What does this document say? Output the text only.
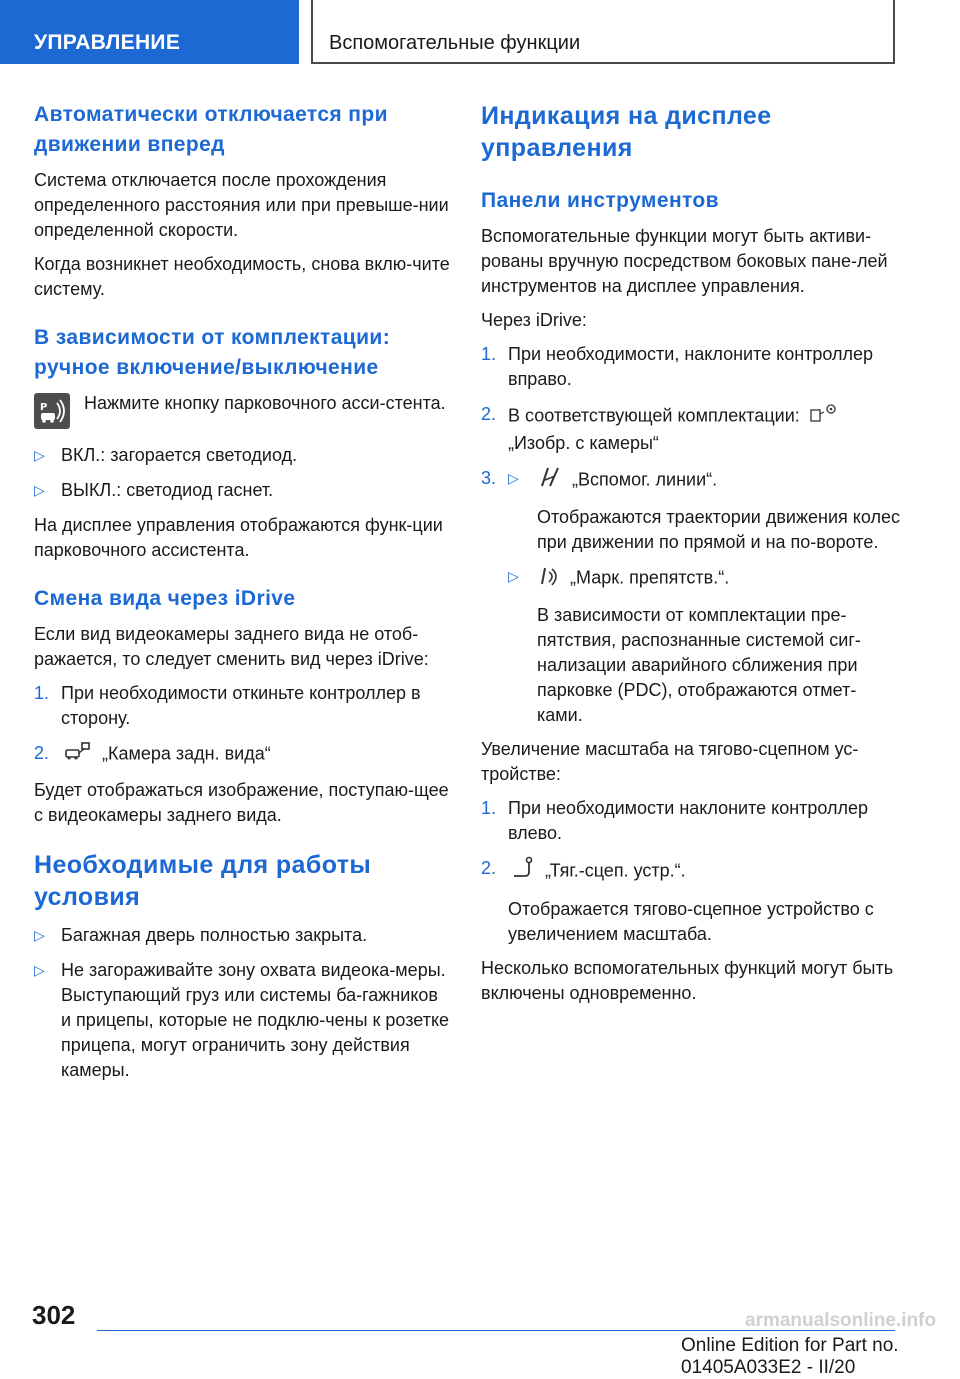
УПРАВЛЕНИЕ	Вспомогательные функции
Автоматически отключается при движении вперед
Система отключается после прохождения определенного расстояния или при превыше-нии определенной скорости.
Когда возникнет необходимость, снова вклю-чите систему.
В зависимости от комплектации: ручное включение/выключение
P Нажмите кнопку парковочного асси-стента.
▷ ВКЛ.: загорается светодиод.
▷ ВЫКЛ.: светодиод гаснет.
На дисплее управления отображаются функ-ции парковочного ассистента.
Смена вида через iDrive
Если вид видеокамеры заднего вида не отоб-ражается, то следует сменить вид через iDrive:
1. При необходимости откиньте контроллер в сторону.
2.	„Камера задн. вида“
Будет отображаться изображение, поступаю-щее с видеокамеры заднего вида.
Необходимые для работы условия
▷ Багажная дверь полностью закрыта.
▷ Не загораживайте зону охвата видеока-меры. Выступающий груз или системы ба-гажников и прицепы, которые не подклю-чены к розетке прицепа, могут ограничить зону действия камеры.
Индикация на дисплее управления
Панели инструментов
Вспомогательные функции могут быть активи-рованы вручную посредством боковых пане-лей инструментов на дисплее управления.
Через iDrive:
1. При необходимости, наклоните контроллер вправо.
2. В соответствующей комплектации:
„Изобр. с камеры“
3. ▷	„Вспомог. линии“.
Отображаются траектории движения колес при движении по прямой и на по-вороте.
▷	„Марк. препятств.“.
В зависимости от комплектации пре-пятствия, распознанные системой сиг-нализации аварийного сближения при парковке (PDC), отображаются отмет-ками.
Увеличение масштаба на тягово-сцепном ус-тройстве:
1. При необходимости наклоните контроллер влево.
2.	„Тяг.-сцеп. устр.“.
Отображается тягово-сцепное устройство с увеличением масштаба.
Несколько вспомогательных функций могут быть включены одновременно.
302
Online Edition for Part no. 01405A033E2 - II/20
armanualsonline.info
